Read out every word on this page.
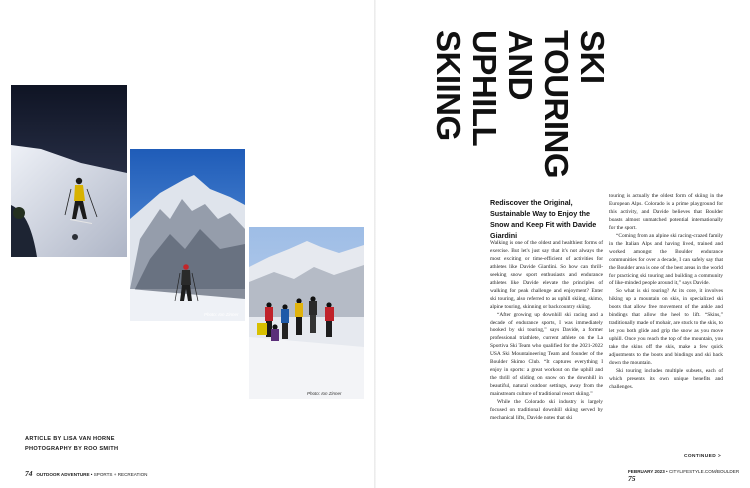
Photo: Ion Zinner
Photo: Ion Zinner
ARTICLE BY LISA VAN HORNE
PHOTOGRAPHY BY ROO SMITH
74 OUTDOOR ADVENTURE • SPORTS + RECREATION
SKI
TOURING
AND
UPHILL
SKIING
Rediscover the Original, Sustainable Way to Enjoy the Snow and Keep Fit with Davide Giardini

Walking is one of the oldest and healthiest forms of exercise. But let's just say that it's not always the most exciting or time-efficient of activities for athletes like Davide Giardini. So how can thrill-seeking snow sport enthusiasts and endurance athletes like Davide elevate the principles of walking for peak challenge and enjoyment? Enter ski touring, also referred to as uphill skiing, skimo, alpine touring, skinning or backcountry skiing.

“After growing up downhill ski racing and a decade of endurance sports, I was immediately hooked by ski touring,” says Davide, a former professional triathlete, current athlete on the La Sportiva Ski Team who qualified for the 2021-2022 USA Ski Mountaineering Team and founder of the Boulder Skimo Club. “It captures everything I enjoy in sports: a great workout on the uphill and the thrill of sliding on snow on the downhill in beautiful, natural outdoor settings, away from the mainstream culture of traditional resort skiing.”

While the Colorado ski industry is largely focused on traditional downhill skiing served by mechanical lifts, Davide notes that ski

touring is actually the oldest form of skiing in the European Alps. Colorado is a prime playground for this activity, and Davide believes that Boulder boasts almost unmatched potential internationally for the sport.

“Coming from an alpine ski racing-crazed family in the Italian Alps and having lived, trained and worked amongst the Boulder endurance communities for over a decade, I can safely say that the Boulder area is one of the best areas in the world for practicing ski touring and building a community of like-minded people around it,” says Davide.

So what is ski touring? At its core, it involves hiking up a mountain on skis, in specialized ski boots that allow free movement of the ankle and bindings that allow the heel to lift. “Skins,” traditionally made of mohair, are stuck to the skis, to let you both glide and grip the snow as you move uphill. Once you reach the top of the mountain, you take the skins off the skis, make a few quick adjustments to the boots and bindings and ski back down the mountain.

Ski touring includes multiple subsets, each of which presents its own unique benefits and challenges.

CONTINUED >
FEBRUARY 2023 • CITYLIFESTYLE.COM/BOULDER   75
